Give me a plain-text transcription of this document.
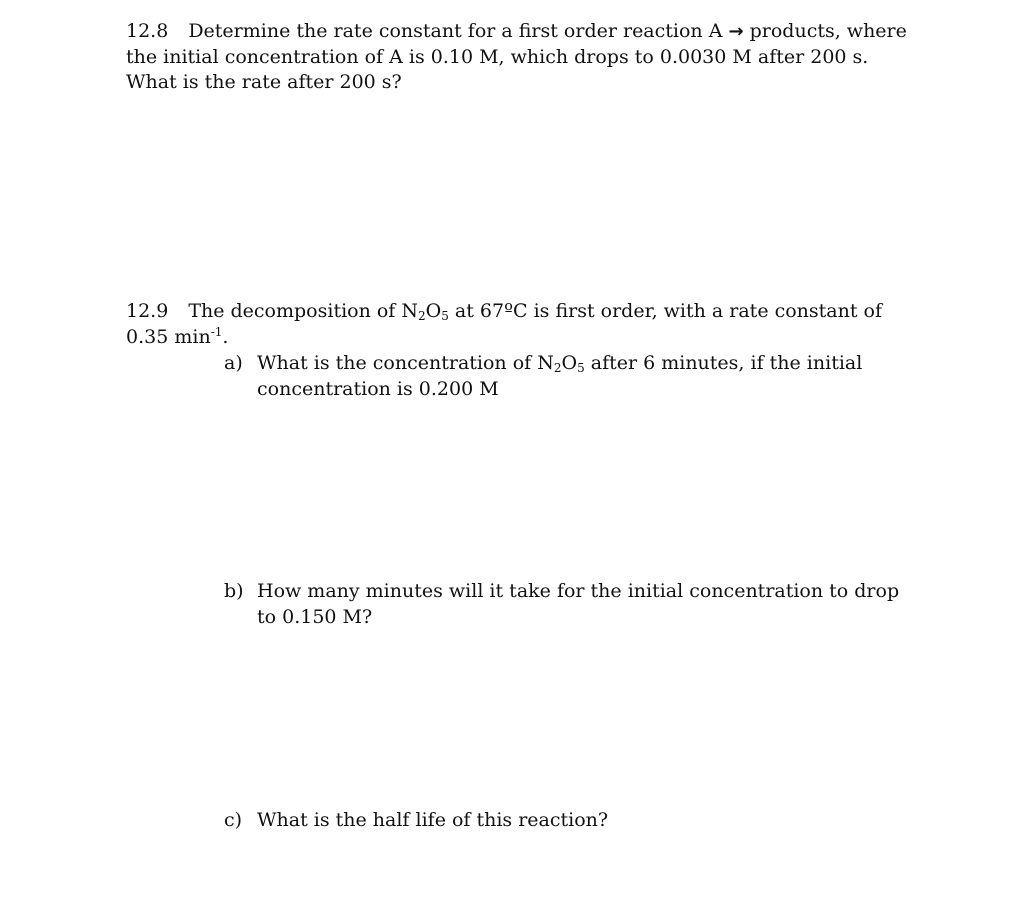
12.8 Determine the rate constant for a first order reaction A → products, where the initial concentration of A is 0.10 M, which drops to 0.0030 M after 200 s. What is the rate after 200 s?
12.9 The decomposition of $N_2O_5$ at 67ºC is first order, with a rate constant of 0.35 $\min^{-1}$.
a) What is the concentration of $N_2O_5$ after 6 minutes, if the initial concentration is 0.200 M
b) How many minutes will it take for the initial concentration to drop to 0.150 M?
c) What is the half life of this reaction?
